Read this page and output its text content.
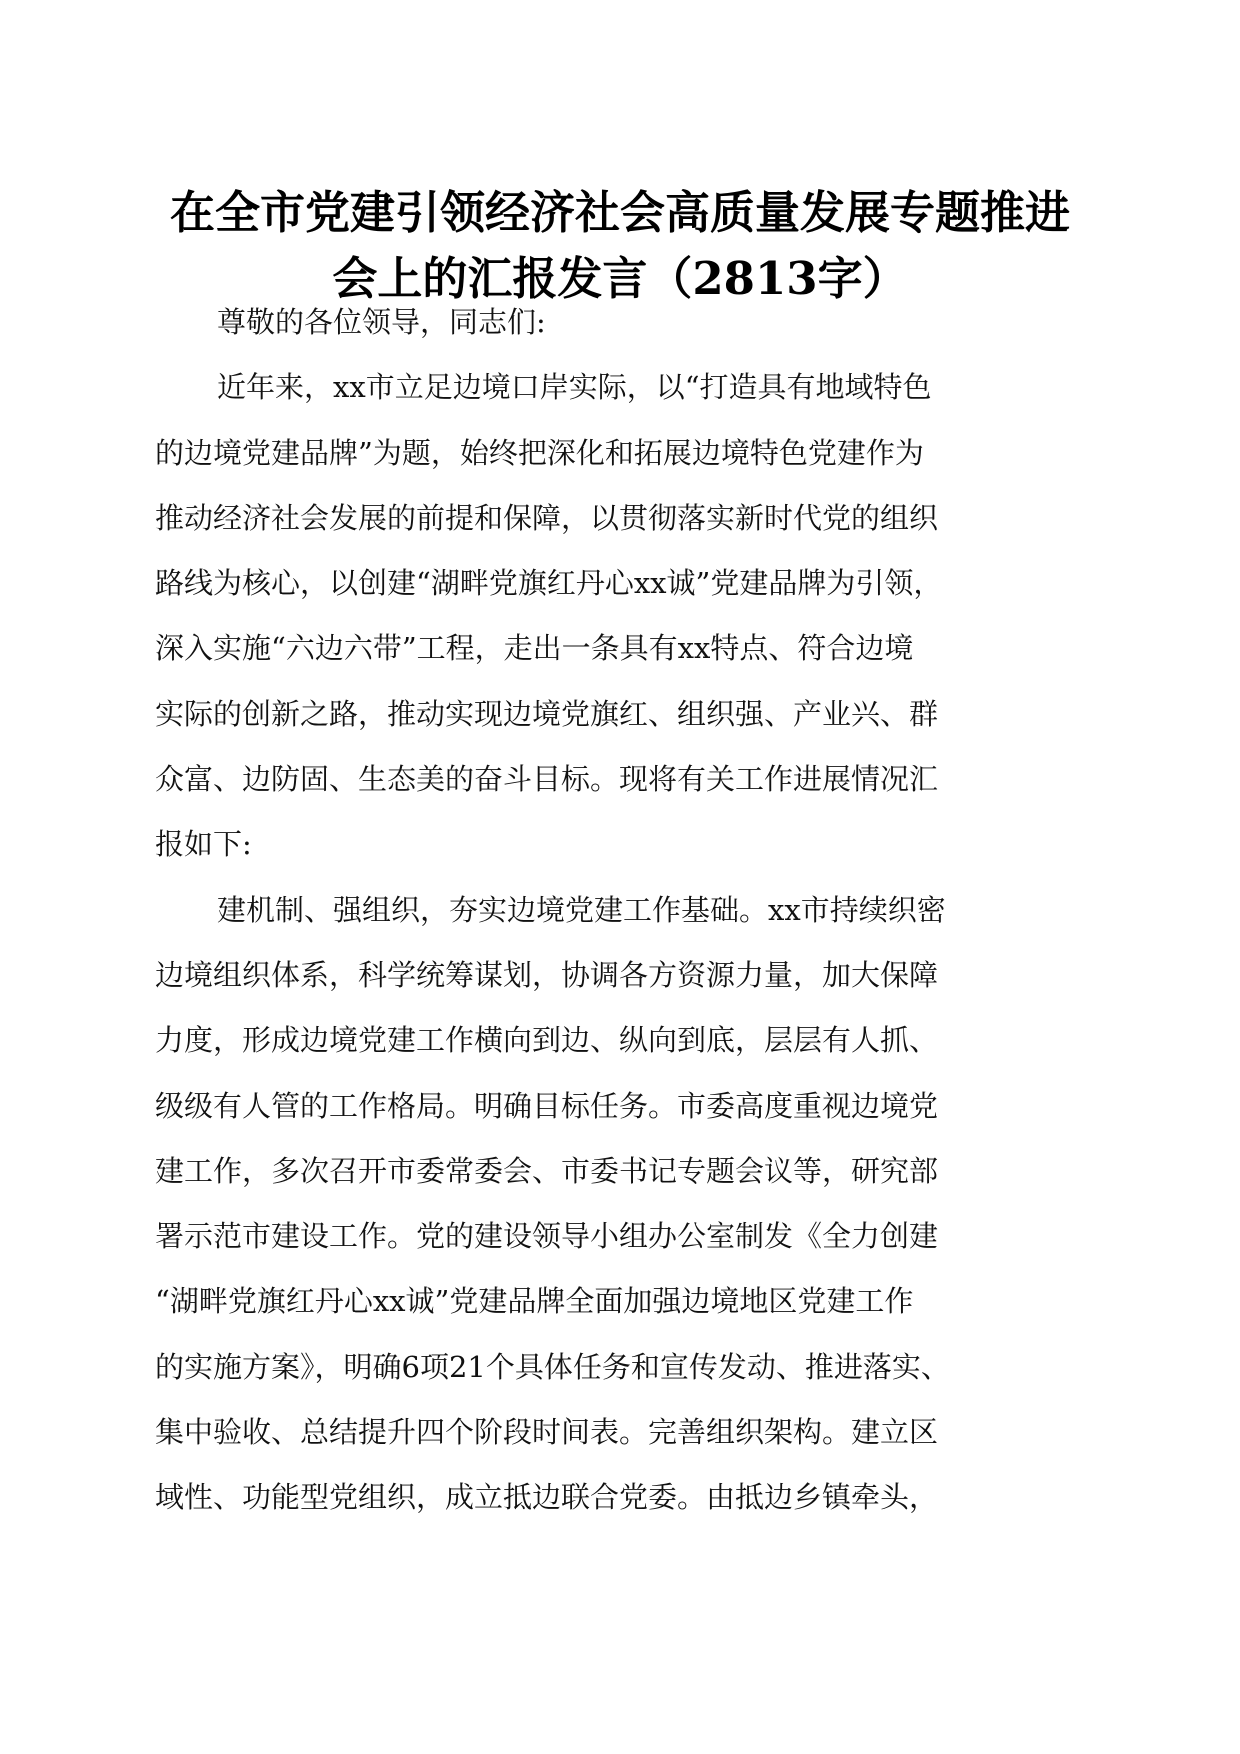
在全市党建引领经济社会高质量发展专题推进
会上的汇报发言（2813字）
尊敬的各位领导，同志们:
近年来，xx市立足边境口岸实际，以“打造具有地域特色
的边境党建品牌”为题，始终把深化和拓展边境特色党建作为
推动经济社会发展的前提和保障，以贯彻落实新时代党的组织
路线为核心，以创建“湖畔党旗红丹心xx诚”党建品牌为引领，
深入实施“六边六带”工程，走出一条具有xx特点、符合边境
实际的创新之路，推动实现边境党旗红、组织强、产业兴、群
众富、边防固、生态美的奋斗目标。现将有关工作进展情况汇
报如下:
建机制、强组织，夯实边境党建工作基础。xx市持续织密
边境组织体系，科学统筹谋划，协调各方资源力量，加大保障
力度，形成边境党建工作横向到边、纵向到底，层层有人抓、
级级有人管的工作格局。明确目标任务。市委高度重视边境党
建工作，多次召开市委常委会、市委书记专题会议等，研究部
署示范市建设工作。党的建设领导小组办公室制发《全力创建
“湖畔党旗红丹心xx诚”党建品牌全面加强边境地区党建工作
的实施方案》，明确6项21个具体任务和宣传发动、推进落实、
集中验收、总结提升四个阶段时间表。完善组织架构。建立区
域性、功能型党组织，成立抵边联合党委。由抵边乡镇牵头，
